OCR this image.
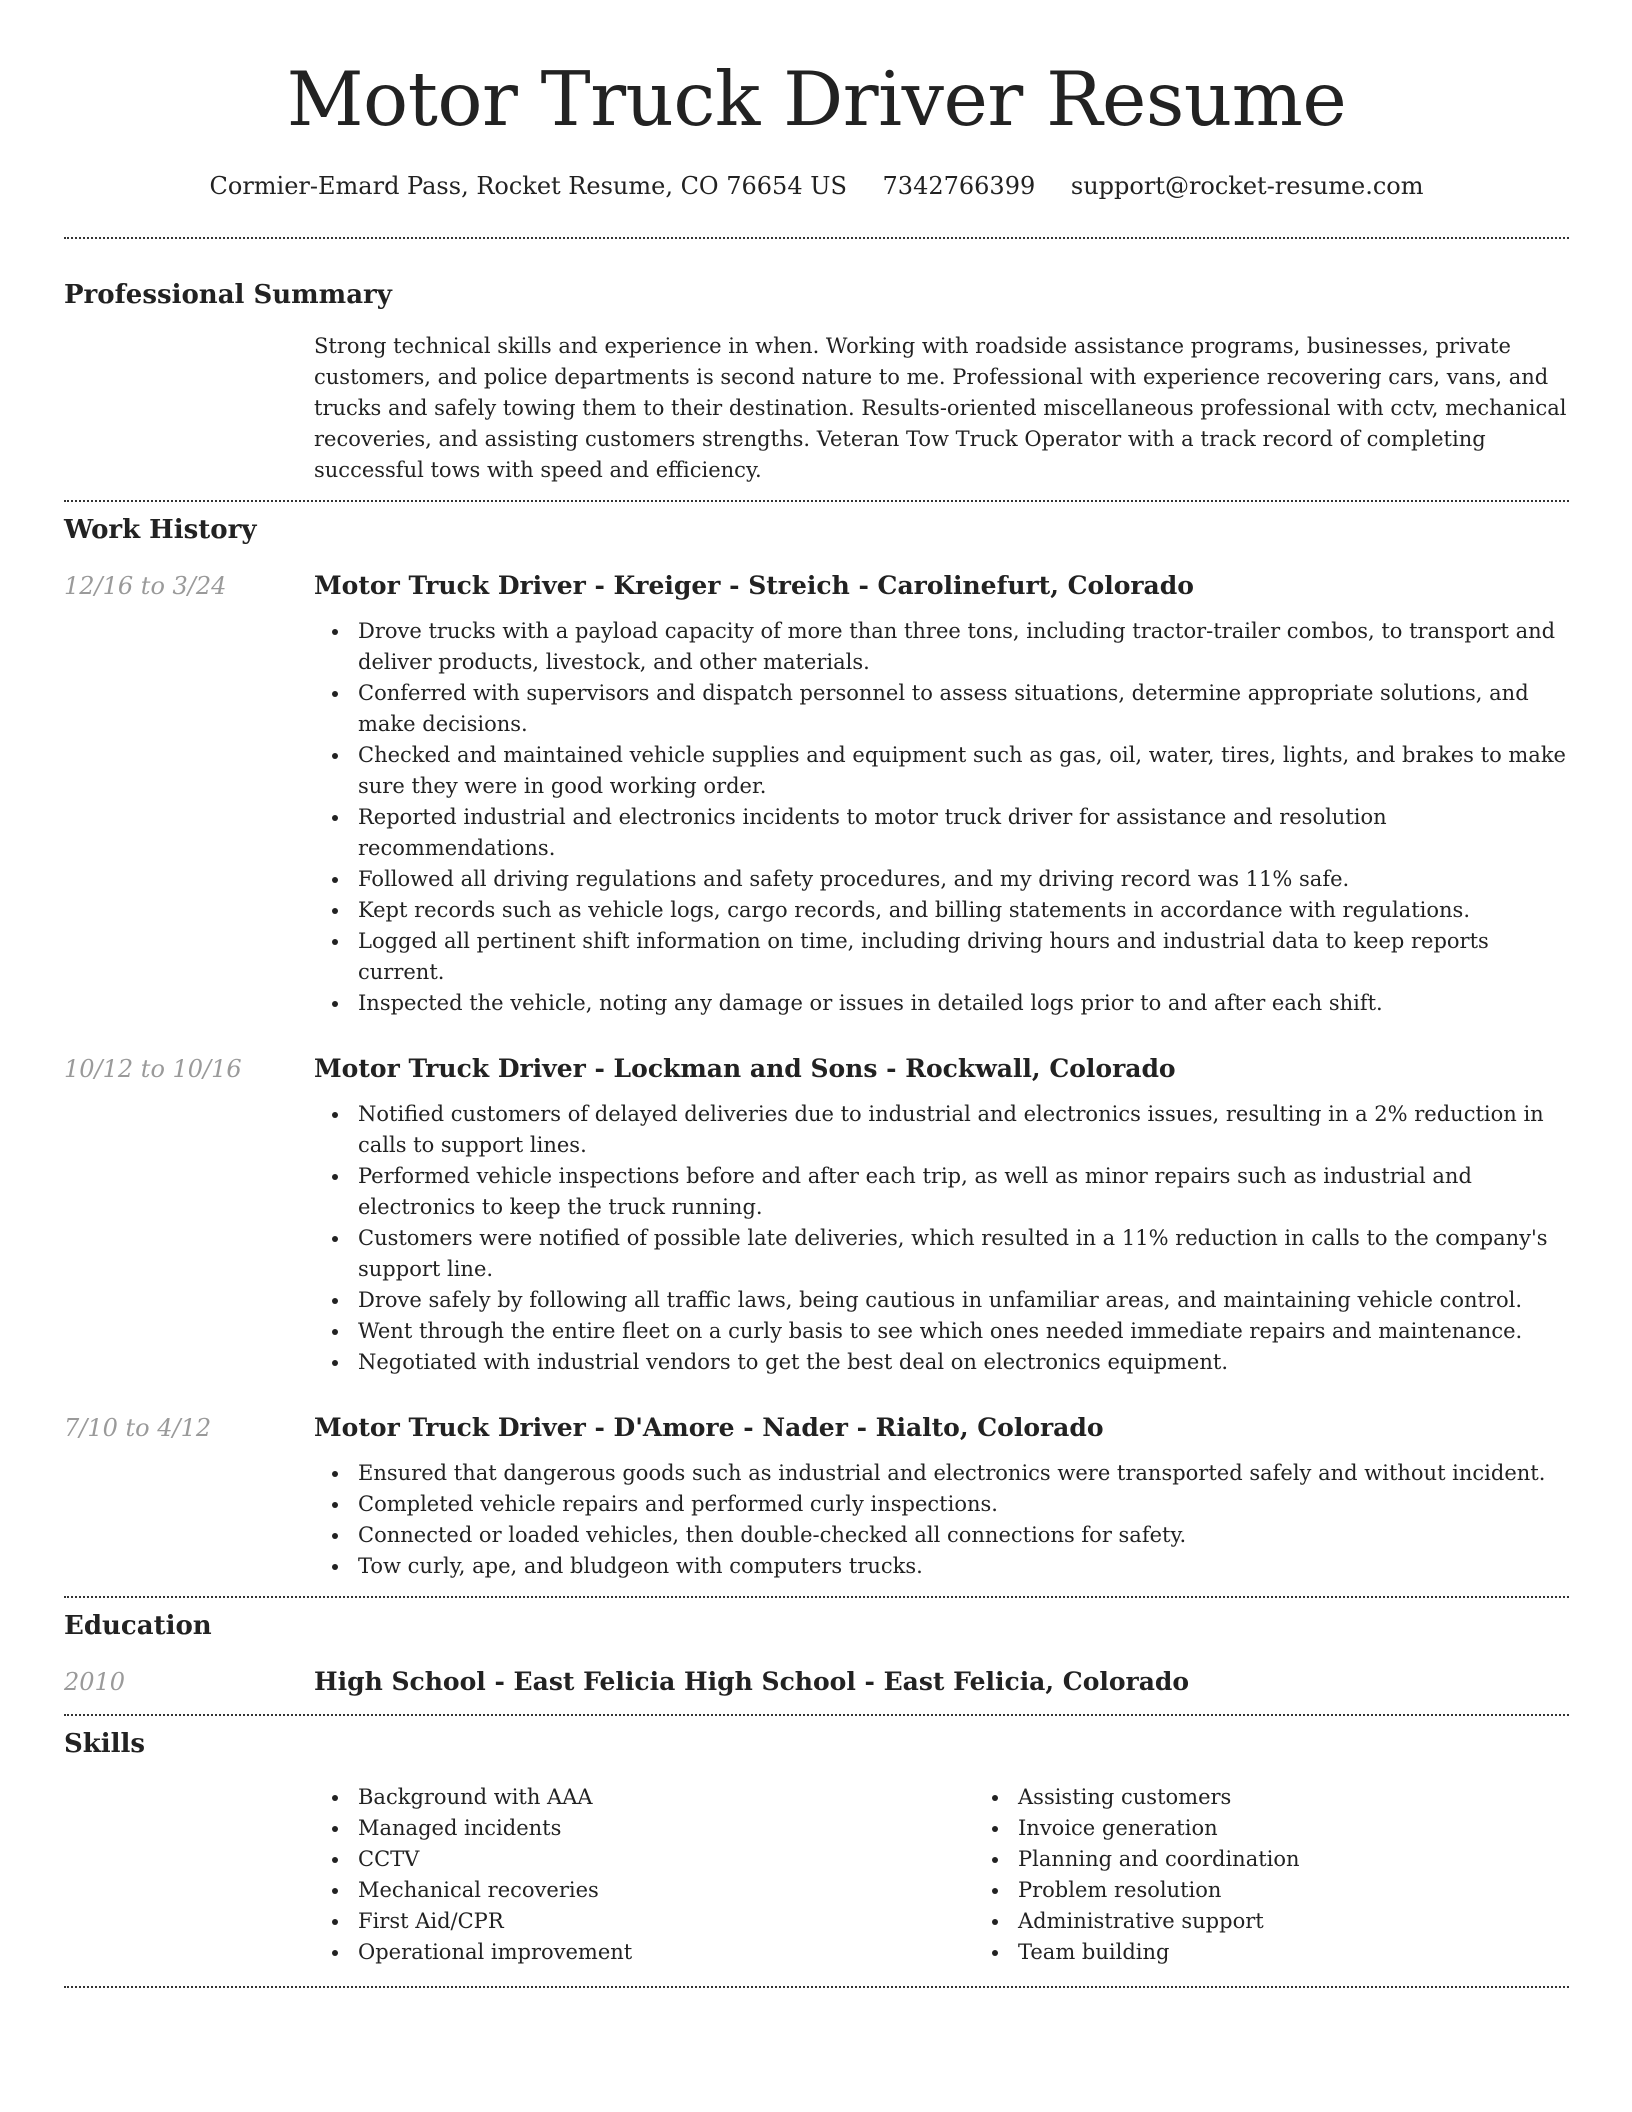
Motor Truck Driver Resume
Cormier-Emard Pass, Rocket Resume, CO 76654 US 7342766399 support@rocket-resume.com
Professional Summary

Strong technical skills and experience in when. Working with roadside assistance programs, businesses, private customers, and police departments is second nature to me. Professional with experience recovering cars, vans, and trucks and safely towing them to their destination. Results-oriented miscellaneous professional with cctv, mechanical recoveries, and assisting customers strengths. Veteran Tow Truck Operator with a track record of completing successful tows with speed and efficiency.

Work History
12/16 to 3/24	Motor Truck Driver - Kreiger - Streich - Carolinefurt, Colorado
Drove trucks with a payload capacity of more than three tons, including tractor-trailer combos, to transport and deliver products, livestock, and other materials.
Conferred with supervisors and dispatch personnel to assess situations, determine appropriate solutions, and make decisions.
Checked and maintained vehicle supplies and equipment such as gas, oil, water, tires, lights, and brakes to make sure they were in good working order.
Reported industrial and electronics incidents to motor truck driver for assistance and resolution recommendations.
Followed all driving regulations and safety procedures, and my driving record was 11% safe.
Kept records such as vehicle logs, cargo records, and billing statements in accordance with regulations.
Logged all pertinent shift information on time, including driving hours and industrial data to keep reports current.
Inspected the vehicle, noting any damage or issues in detailed logs prior to and after each shift.
10/12 to 10/16	Motor Truck Driver - Lockman and Sons - Rockwall, Colorado
Notified customers of delayed deliveries due to industrial and electronics issues, resulting in a 2% reduction in calls to support lines.
Performed vehicle inspections before and after each trip, as well as minor repairs such as industrial and electronics to keep the truck running.
Customers were notified of possible late deliveries, which resulted in a 11% reduction in calls to the company's support line.
Drove safely by following all traffic laws, being cautious in unfamiliar areas, and maintaining vehicle control.
Went through the entire fleet on a curly basis to see which ones needed immediate repairs and maintenance.
Negotiated with industrial vendors to get the best deal on electronics equipment.
7/10 to 4/12	Motor Truck Driver - D'Amore - Nader - Rialto, Colorado
Ensured that dangerous goods such as industrial and electronics were transported safely and without incident.
Completed vehicle repairs and performed curly inspections.
Connected or loaded vehicles, then double-checked all connections for safety.
Tow curly, ape, and bludgeon with computers trucks.
Education
2010	High School - East Felicia High School - East Felicia, Colorado
Skills
Background with AAA
Managed incidents
CCTV
Mechanical recoveries
First Aid/CPR
Operational improvement
Assisting customers
Invoice generation
Planning and coordination
Problem resolution
Administrative support
Team building
